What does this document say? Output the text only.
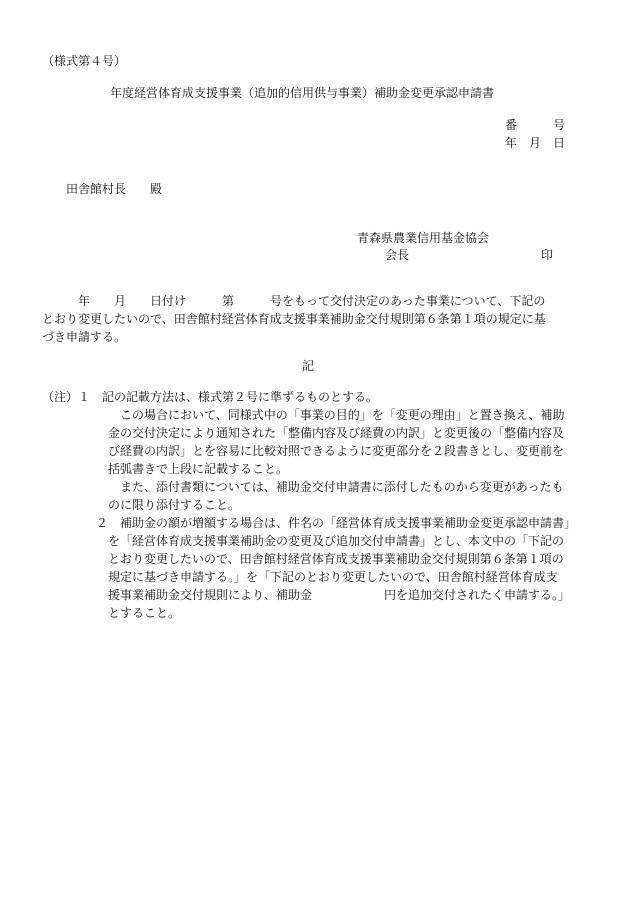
（様式第４号）
年度経営体育成支援事業（追加的信用供与事業）補助金変更承認申請書
番　　　号
年　月　日
田舎館村長　　殿
青森県農業信用基金協会
会長　　　　　　　　　　　印
　　　年　　月　　日付け　　　第　　　号をもって交付決定のあった事業について、下記の
とおり変更したいので、田舎館村経営体育成支援事業補助金交付規則第６条第１項の規定に基
づき申請する。
記
（注）１　記の記載方法は、様式第２号に準ずるものとする。
この場合において、同様式中の「事業の目的」を「変更の理由」と置き換え、補助
金の交付決定により通知された「整備内容及び経費の内訳」と変更後の「整備内容及
び経費の内訳」とを容易に比較対照できるように変更部分を２段書きとし、変更前を
括弧書きで上段に記載すること。
また、添付書類については、補助金交付申請書に添付したものから変更があったも
のに限り添付すること。
２　補助金の額が増額する場合は、件名の「経営体育成支援事業補助金変更承認申請書」
を「経営体育成支援事業補助金の変更及び追加交付申請書」とし、本文中の「下記の
とおり変更したいので、田舎館村経営体育成支援事業補助金交付規則第６条第１項の
規定に基づき申請する。」を「下記のとおり変更したいので、田舎館村経営体育成支
援事業補助金交付規則により、補助金　　　　　　円を追加交付されたく申請する。」
とすること。
